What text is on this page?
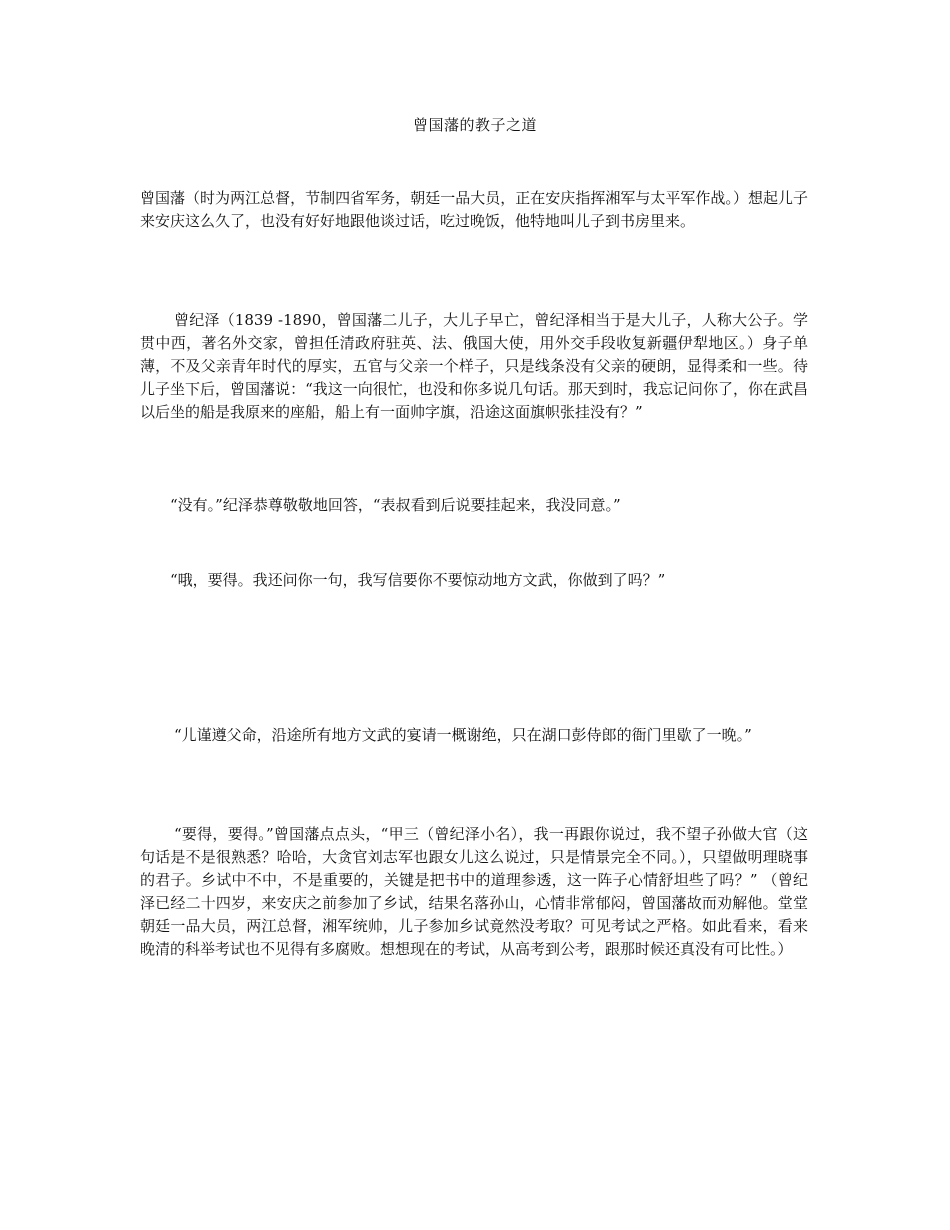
曾国藩的教子之道

曾国藩（时为两江总督，节制四省军务，朝廷一品大员，正在安庆指挥湘军与太平军作战。）想起儿子来安庆这么久了，也没有好好地跟他谈过话，吃过晚饭，他特地叫儿子到书房里来。

曾纪泽（1839 -1890，曾国藩二儿子，大儿子早亡，曾纪泽相当于是大儿子，人称大公子。学贯中西，著名外交家，曾担任清政府驻英、法、俄国大使，用外交手段收复新疆伊犁地区。）身子单薄，不及父亲青年时代的厚实，五官与父亲一个样子，只是线条没有父亲的硬朗，显得柔和一些。待儿子坐下后，曾国藩说：“我这一向很忙，也没和你多说几句话。那天到时，我忘记问你了，你在武昌以后坐的船是我原来的座船，船上有一面帅字旗，沿途这面旗帜张挂没有？”

“没有。”纪泽恭尊敬敬地回答，“表叔看到后说要挂起来，我没同意。”

“哦，要得。我还问你一句，我写信要你不要惊动地方文武，你做到了吗？”

“儿谨遵父命，沿途所有地方文武的宴请一概谢绝，只在湖口彭侍郎的衙门里歇了一晚。”

“要得，要得。”曾国藩点点头，“甲三（曾纪泽小名），我一再跟你说过，我不望子孙做大官（这句话是不是很熟悉？哈哈，大贪官刘志军也跟女儿这么说过，只是情景完全不同。），只望做明理晓事的君子。乡试中不中，不是重要的，关键是把书中的道理参透，这一阵子心情舒坦些了吗？” （曾纪泽已经二十四岁，来安庆之前参加了乡试，结果名落孙山，心情非常郁闷，曾国藩故而劝解他。堂堂朝廷一品大员，两江总督，湘军统帅，儿子参加乡试竟然没考取？可见考试之严格。如此看来，看来晚清的科举考试也不见得有多腐败。想想现在的考试，从高考到公考，跟那时候还真没有可比性。）
